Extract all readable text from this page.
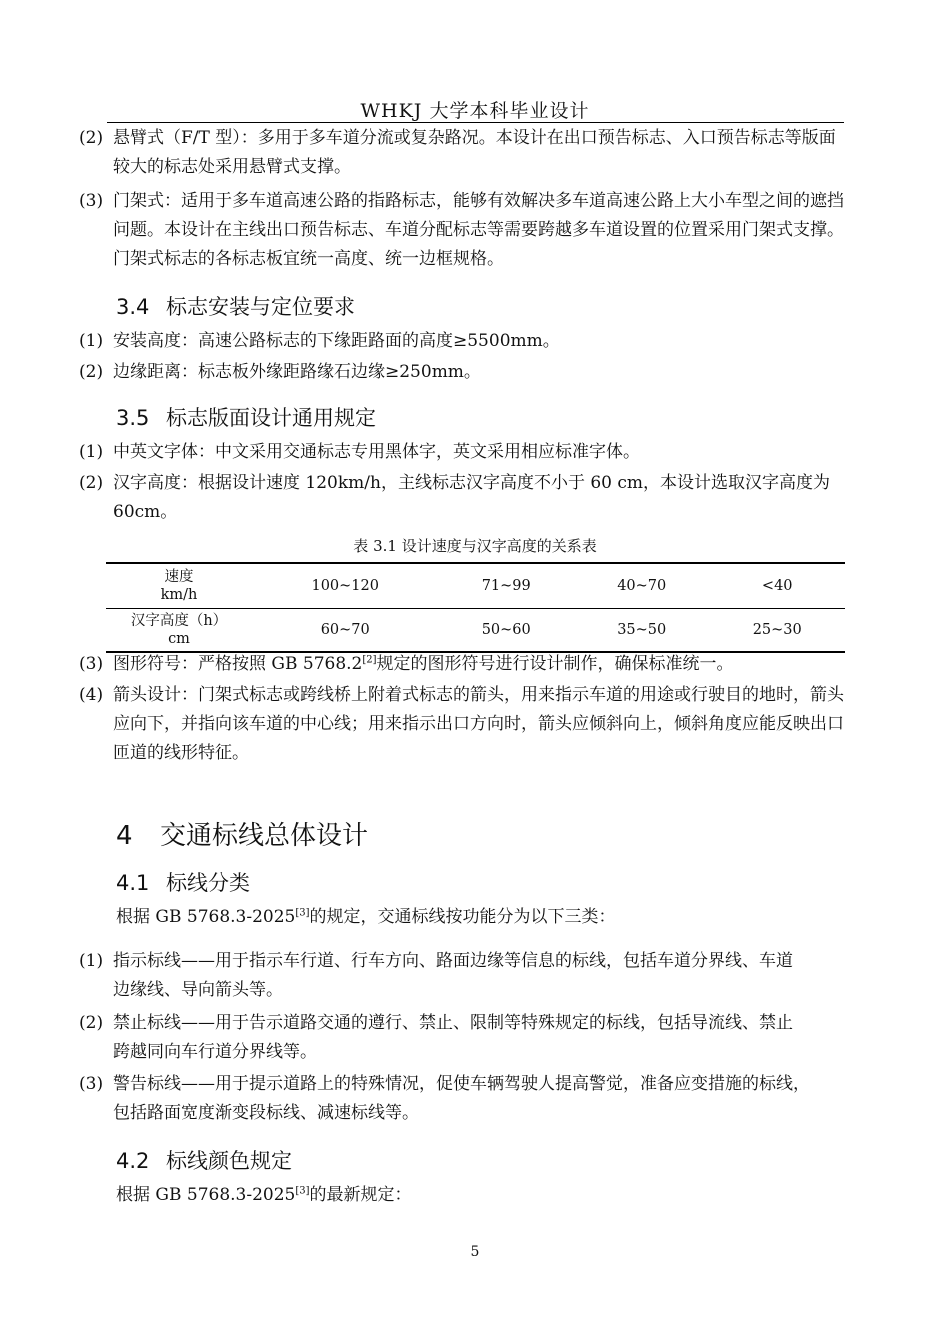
WHKJ 大学本科毕业设计
(2) 悬臂式（F/T 型）：多用于多车道分流或复杂路况。本设计在出口预告标志、入口预告标志等版面较大的标志处采用悬臂式支撑。
(3) 门架式：适用于多车道高速公路的指路标志，能够有效解决多车道高速公路上大小车型之间的遮挡问题。本设计在主线出口预告标志、车道分配标志等需要跨越多车道设置的位置采用门架式支撑。门架式标志的各标志板宜统一高度、统一边框规格。
3.4 标志安装与定位要求
(1) 安装高度：高速公路标志的下缘距路面的高度≥5500mm。
(2) 边缘距离：标志板外缘距路缘石边缘≥250mm。
3.5 标志版面设计通用规定
(1) 中英文字体：中文采用交通标志专用黑体字，英文采用相应标准字体。
(2) 汉字高度：根据设计速度 120km/h，主线标志汉字高度不小于 60 cm，本设计选取汉字高度为 60cm。
表 3.1 设计速度与汉字高度的关系表
速度
km/h	100~120	71~99	40~70	<40
汉字高度（h）
cm	60~70	50~60	35~50	25~30
(3) 图形符号：严格按照 GB 5768.2[2]规定的图形符号进行设计制作，确保标准统一。
(4) 箭头设计：门架式标志或跨线桥上附着式标志的箭头，用来指示车道的用途或行驶目的地时，箭头应向下，并指向该车道的中心线；用来指示出口方向时，箭头应倾斜向上，倾斜角度应能反映出口匝道的线形特征。
4 交通标线总体设计
4.1 标线分类
根据 GB 5768.3-2025[3]的规定，交通标线按功能分为以下三类：
(1) 指示标线——用于指示车行道、行车方向、路面边缘等信息的标线，包括车道分界线、车道边缘线、导向箭头等。
(2) 禁止标线——用于告示道路交通的遵行、禁止、限制等特殊规定的标线，包括导流线、禁止跨越同向车行道分界线等。
(3) 警告标线——用于提示道路上的特殊情况，促使车辆驾驶人提高警觉，准备应变措施的标线，包括路面宽度渐变段标线、减速标线等。
4.2 标线颜色规定
根据 GB 5768.3-2025[3]的最新规定：
5
